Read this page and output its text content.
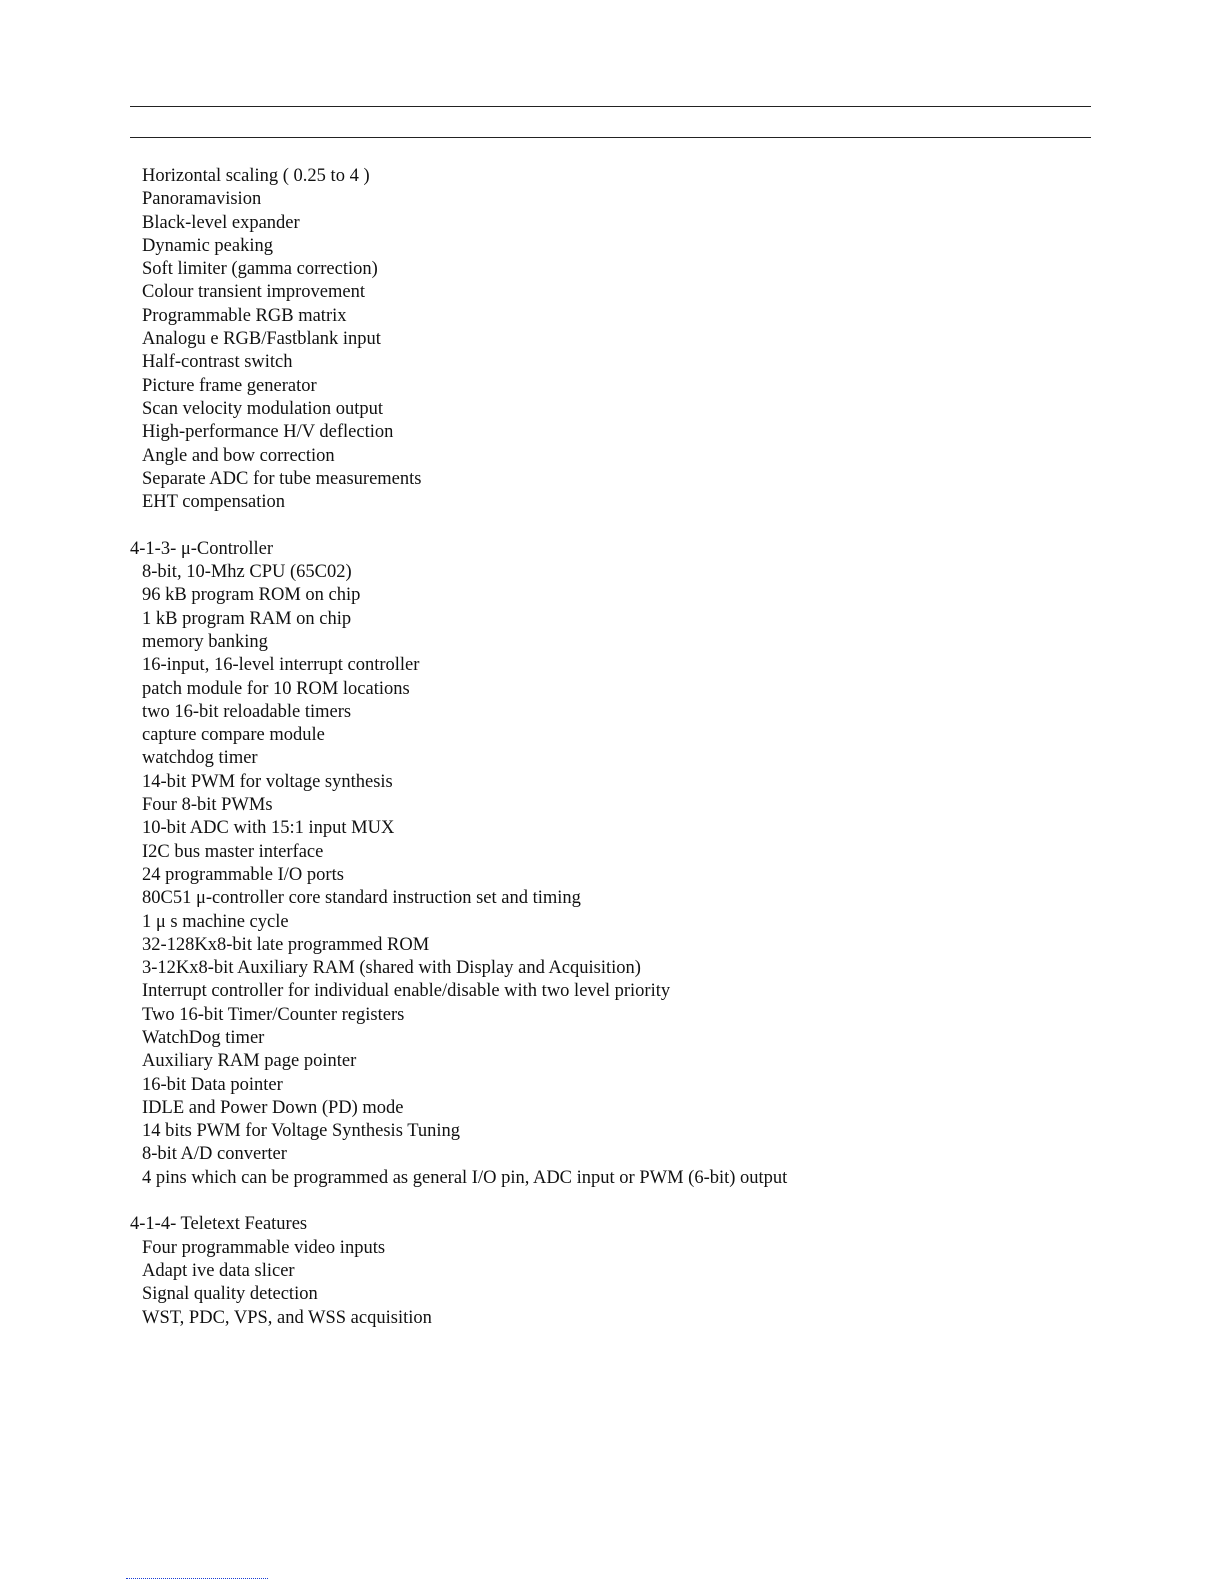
Horizontal scaling ( 0.25 to 4 )

Panoramavision

Black-level expander

Dynamic peaking

Soft limiter (gamma correction)

Colour transient improvement

Programmable RGB matrix

Analogu e RGB/Fastblank input

Half-contrast switch

Picture frame generator

Scan velocity modulation output

High-performance H/V deflection

Angle and bow correction

Separate ADC for tube measurements

EHT compensation

4-1-3- μ-Controller

8-bit, 10-Mhz CPU (65C02)

96 kB program ROM on chip

1 kB program RAM on chip

memory banking

16-input, 16-level interrupt controller

patch module for 10 ROM locations

two 16-bit reloadable timers

capture compare module

watchdog timer

14-bit PWM for voltage synthesis

Four 8-bit PWMs

10-bit ADC with 15:1 input MUX

I2C bus master interface

24 programmable I/O ports

80C51 μ-controller core standard instruction set and timing

1 μ s machine cycle

32-128Kx8-bit late programmed ROM

3-12Kx8-bit Auxiliary RAM (shared with Display and Acquisition)

Interrupt controller for individual enable/disable with two level priority

Two 16-bit Timer/Counter registers

WatchDog timer

Auxiliary RAM page pointer

16-bit Data pointer

IDLE and Power Down (PD) mode

14 bits PWM for Voltage Synthesis Tuning

8-bit A/D converter

4 pins which can be programmed as general I/O pin, ADC input or PWM (6-bit) output

4-1-4- Teletext Features

Four programmable video inputs

Adapt ive data slicer

Signal quality detection

WST, PDC, VPS, and WSS acquisition
